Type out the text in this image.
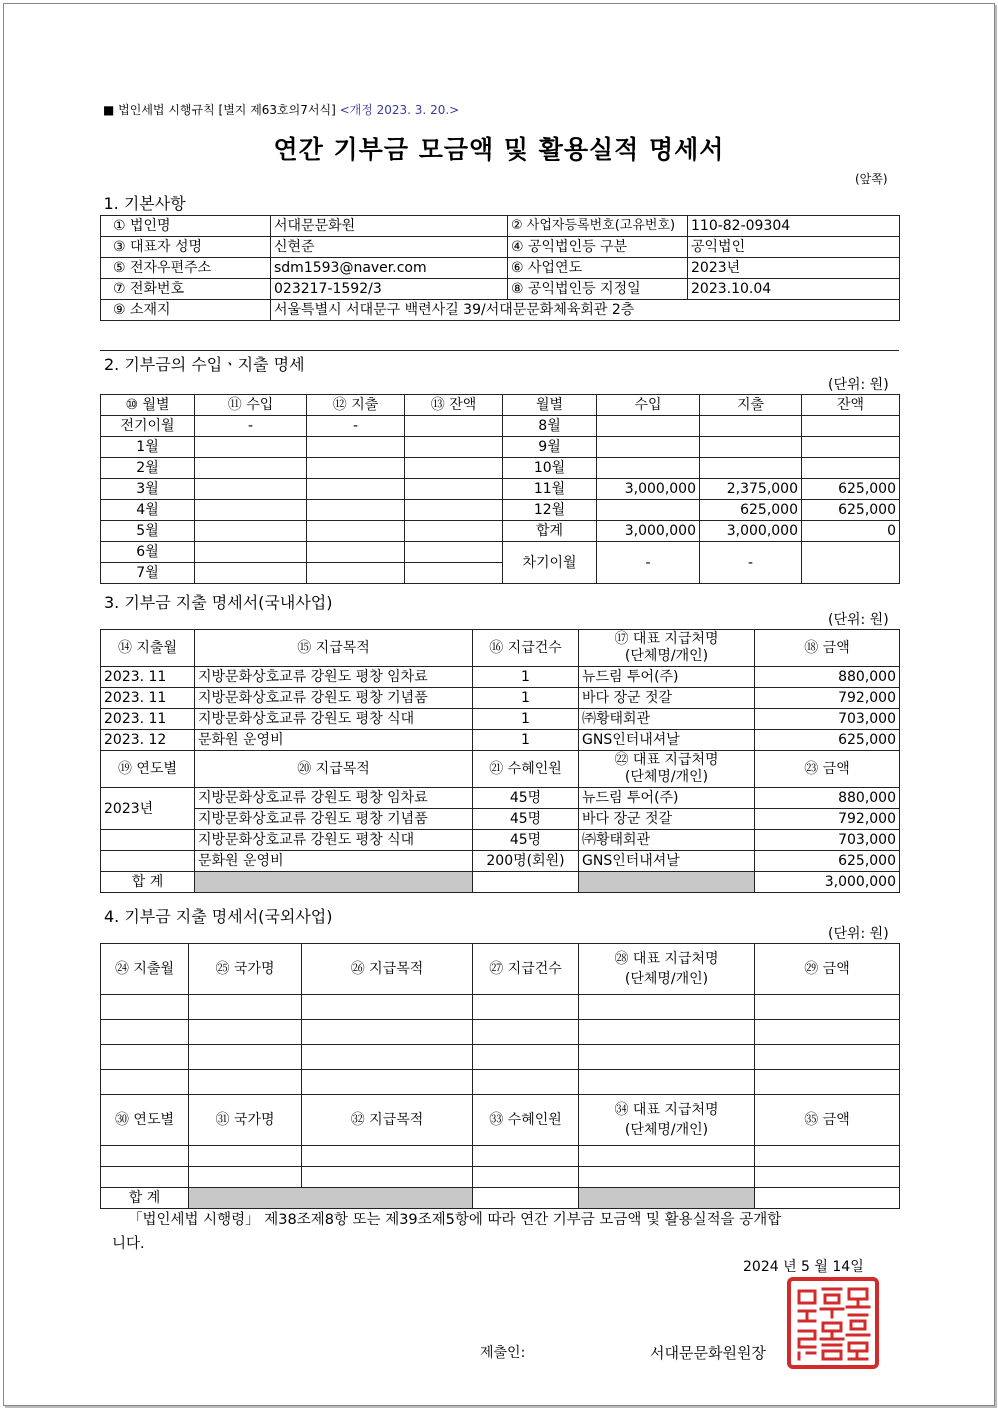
■ 법인세법 시행규칙 [별지 제63호의7서식] <개정 2023. 3. 20.>
연간 기부금 모금액 및 활용실적 명세서
(앞쪽)
1. 기본사항			
① 법인명	서대문문화원	② 사업자등록번호(고유번호)	110-82-09304
③ 대표자 성명	신현준	④ 공익법인등 구분	공익법인
⑤ 전자우편주소	sdm1593@naver.com	⑥ 사업연도	2023년
⑦ 전화번호	023217-1592/3	⑧ 공익법인등 지정일	2023.10.04
⑨ 소재지	서울특별시 서대문구 백련사길 39/서대문문화체육회관 2층		
2. 기부금의 수입ㆍ지출 명세
(단위: 원)
⑩ 월별	⑪ 수입	⑫ 지출	⑬ 잔액	월별	수입	지출	잔액
전기이월	-	-		8월			
1월				9월			
2월				10월			
3월				11월	3,000,000	2,375,000	625,000
4월				12월		625,000	625,000
5월				합계	3,000,000	3,000,000	0
6월				차기이월	-	-	
7월							
3. 기부금 지출 명세서(국내사업)
(단위: 원)
⑭ 지출월	⑮ 지급목적	⑯ 지급건수	⑰ 대표 지급처명
(단체명/개인)	⑱ 금액
2023. 11	지방문화상호교류 강원도 평창 임차료	1	뉴드림 투어(주)	880,000
2023. 11	지방문화상호교류 강원도 평창 기념품	1	바다 장군 젓갈	792,000
2023. 11	지방문화상호교류 강원도 평창 식대	1	㈜황태회관	703,000
2023. 12	문화원 운영비	1	GNS인터내셔날	625,000
⑲ 연도별	⑳ 지급목적	㉑ 수혜인원	㉒ 대표 지급처명
(단체명/개인)	㉓ 금액
2023년	지방문화상호교류 강원도 평창 임차료	45명	뉴드림 투어(주)	880,000
	지방문화상호교류 강원도 평창 기념품	45명	바다 장군 젓갈	792,000
	지방문화상호교류 강원도 평창 식대	45명	㈜황태회관	703,000
	문화원 운영비	200명(회원)	GNS인터내셔날	625,000
합 계				3,000,000
4. 기부금 지출 명세서(국외사업)
(단위: 원)
㉔ 지출월	㉕ 국가명	㉖ 지급목적	㉗ 지급건수	㉘ 대표 지급처명
(단체명/개인)	㉙ 금액

㉚ 연도별	㉛ 국가명	㉜ 지급목적	㉝ 수혜인원	㉞ 대표 지급처명
(단체명/개인)	㉟ 금액

합 계					
「법인세법 시행령」 제38조제8항 또는 제39조제5항에 따라 연간 기부금 모금액 및 활용실적을 공개합
니다.
2024 년 5 월 14일
제출인:	서대문문화원원장
